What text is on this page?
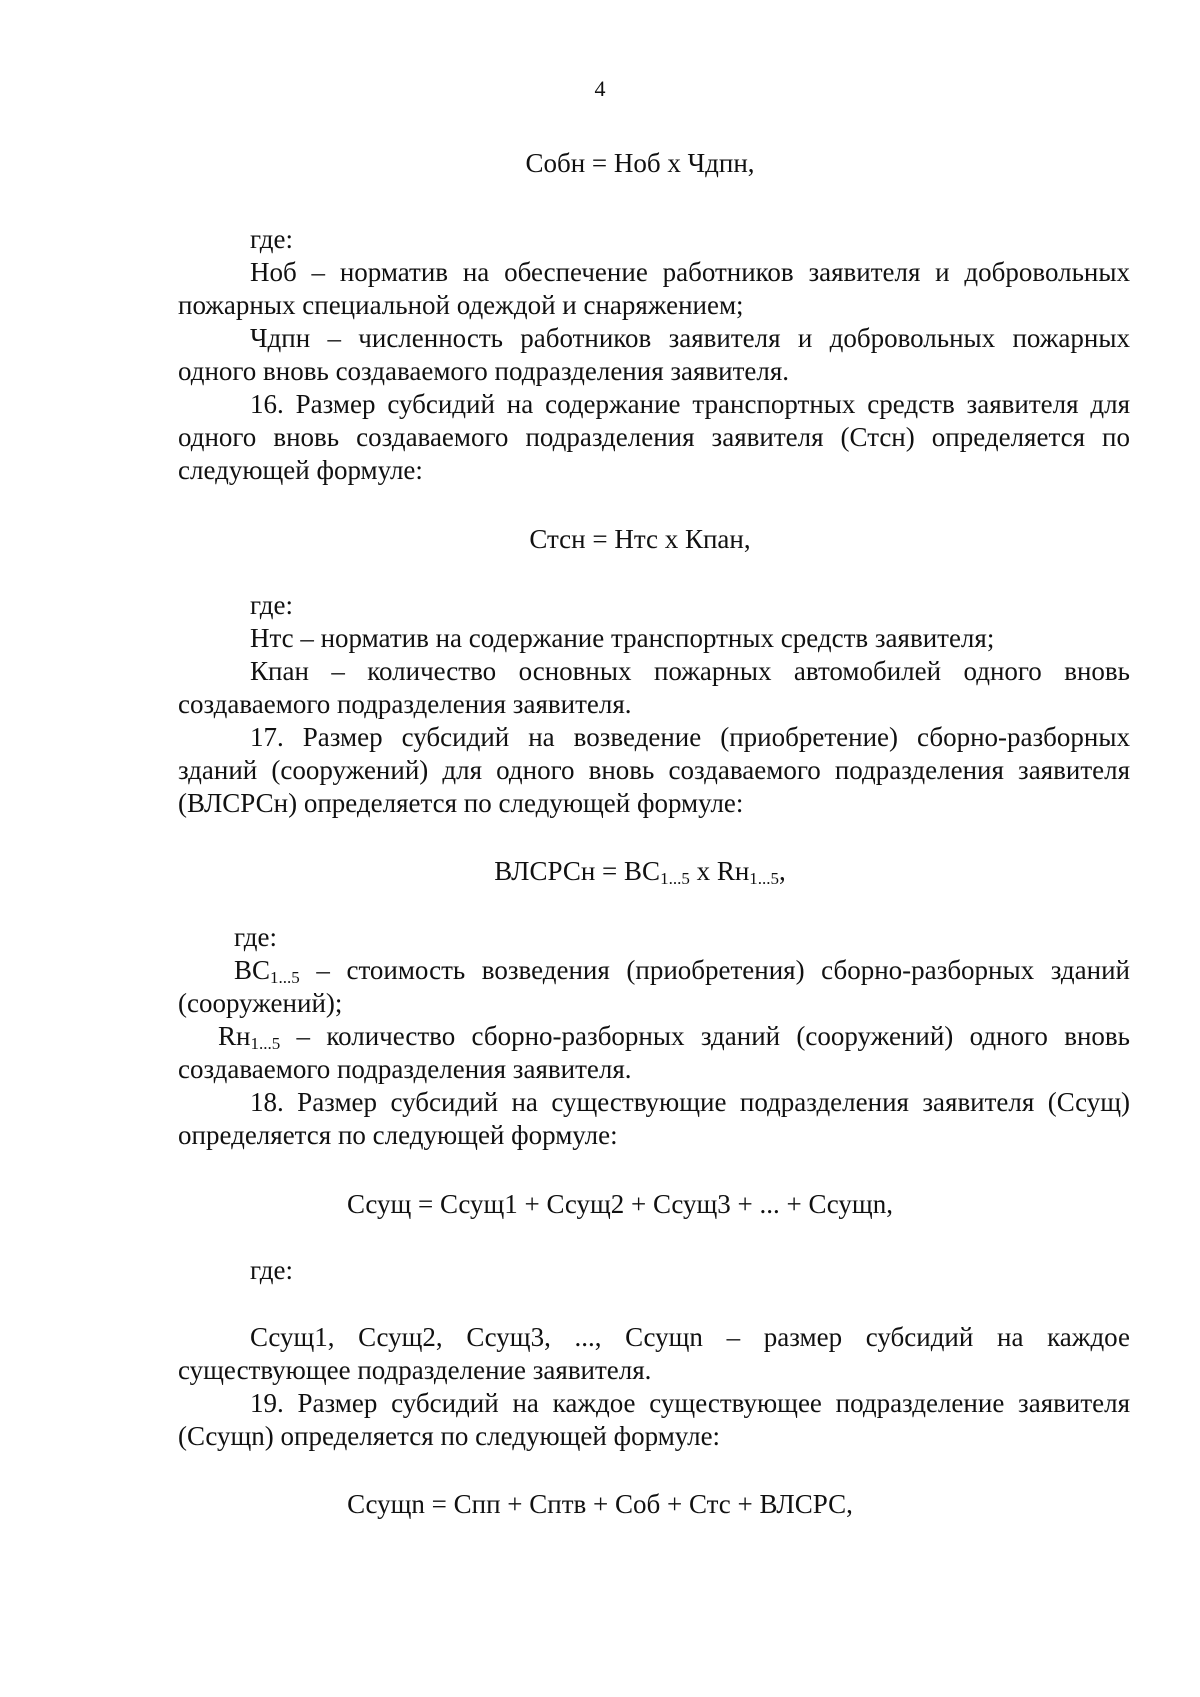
4
Собн = Ноб х Чдпн,
где:
Ноб – норматив на обеспечение работников заявителя и добровольных
пожарных специальной одеждой и снаряжением;
Чдпн – численность работников заявителя и добровольных пожарных
одного вновь создаваемого подразделения заявителя.
16. Размер субсидий на содержание транспортных средств заявителя для
одного вновь создаваемого подразделения заявителя (Стсн) определяется по
следующей формуле:
Стсн = Нтс х Кпан,
где:
Нтс – норматив на содержание транспортных средств заявителя;
Кпан – количество основных пожарных автомобилей одного вновь
создаваемого подразделения заявителя.
17. Размер субсидий на возведение (приобретение) сборно-разборных
зданий (сооружений) для одного вновь создаваемого подразделения заявителя
(ВЛСРСн) определяется по следующей формуле:
ВЛСРСн = $ВС_{1...5}$ х $Rн_{1...5}$,
где:
$ВС_{1...5}$ – стоимость возведения (приобретения) сборно-разборных зданий
(сооружений);
$Rн_{1...5}$ – количество сборно-разборных зданий (сооружений) одного вновь
создаваемого подразделения заявителя.
18. Размер субсидий на существующие подразделения заявителя (Ссущ)
определяется по следующей формуле:
Ссущ = Ссущ1 + Ссущ2 + Ссущ3 + ... + Ссущn,
где:
Ссущ1, Ссущ2, Ссущ3, ..., Ссущn – размер субсидий на каждое
существующее подразделение заявителя.
19. Размер субсидий на каждое существующее подразделение заявителя
(Ссущn) определяется по следующей формуле:
Ссущn = Спп + Сптв + Соб + Стс + ВЛСРС,
